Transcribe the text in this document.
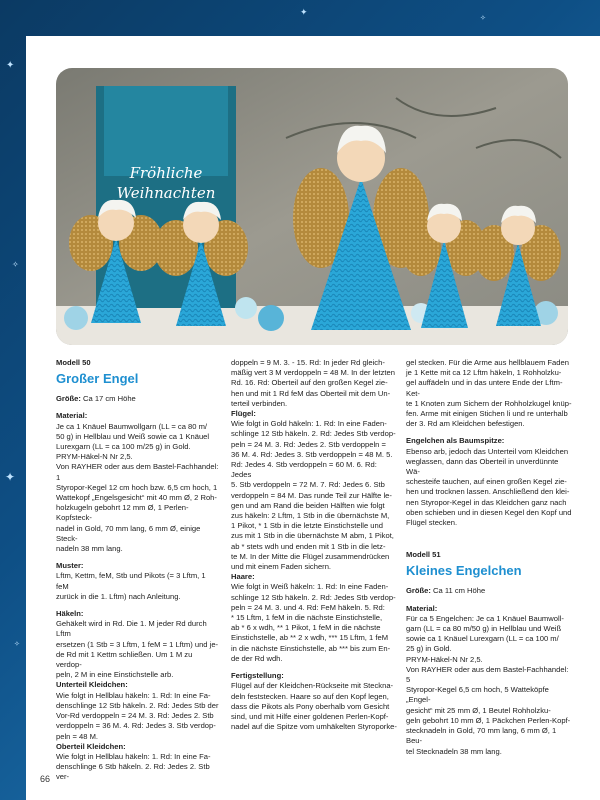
✦
✧
✦
✧
✦	✧
Fröhliche
Weihnachten

Modell 50

Großer Engel

Größe: Ca 17 cm Höhe

Material:

Je ca 1 Knäuel Baumwollgarn (LL = ca 80 m/

50 g) in Hellblau und Weiß sowie ca 1 Knäuel

Lurexgarn (LL = ca 100 m/25 g) in Gold.

PRYM-Häkel-N Nr 2,5.

Von RAYHER oder aus dem Bastel-Fachhandel: 1

Styropor-Kegel 12 cm hoch bzw. 6,5 cm hoch, 1

Wattekopf „Engelsgesicht“ mit 40 mm Ø, 2 Roh-

holzkugeln gebohrt 12 mm Ø, 1 Perlen-Kopfsteck-

nadel in Gold, 70 mm lang, 6 mm Ø, einige Steck-

nadeln 38 mm lang.

Muster:

Lftm, Kettm, feM, Stb und Pikots (= 3 Lftm, 1 feM

zurück in die 1. Lftm) nach Anleitung.

Häkeln:

Gehäkelt wird in Rd. Die 1. M jeder Rd durch Lftm

ersetzen (1 Stb = 3 Lftm, 1 feM = 1 Lftm) und je-

de Rd mit 1 Kettm schließen. Um 1 M zu verdop-

peln, 2 M in eine Einstichstelle arb.

Unterteil Kleidchen:

Wie folgt in Hellblau häkeln: 1. Rd: In eine Fa-

denschlinge 12 Stb häkeln. 2. Rd: Jedes Stb der

Vor-Rd verdoppeln = 24 M. 3. Rd: Jedes 2. Stb

verdoppeln = 36 M. 4. Rd: Jedes 3. Stb verdop-

peln = 48 M.

Oberteil Kleidchen:

Wie folgt in Hellblau häkeln: 1. Rd: In eine Fa-

denschlinge 6 Stb häkeln. 2. Rd: Jedes 2. Stb ver-

doppeln = 9 M. 3. - 15. Rd: In jeder Rd gleich-

mäßig vert 3 M verdoppeln = 48 M. In der letzten

Rd. 16. Rd: Oberteil auf den großen Kegel zie-

hen und mit 1 Rd feM das Oberteil mit dem Un-

terteil verbinden.

Flügel:

Wie folgt in Gold häkeln: 1. Rd: In eine Faden-

schlinge 12 Stb häkeln. 2. Rd: Jedes Stb verdop-

peln = 24 M. 3. Rd: Jedes 2. Stb verdoppeln =

36 M. 4. Rd: Jedes 3. Stb verdoppeln = 48 M. 5.

Rd: Jedes 4. Stb verdoppeln = 60 M. 6. Rd: Jedes

5. Stb verdoppeln = 72 M. 7. Rd: Jedes 6. Stb

verdoppeln = 84 M. Das runde Teil zur Hälfte le-

gen und am Rand die beiden Hälften wie folgt

zus häkeln: 2 Lftm, 1 Stb in die übernächste M,

1 Pikot, * 1 Stb in die letzte Einstichstelle und

zus mit 1 Stb in die übernächste M abm, 1 Pikot,

ab * stets wdh und enden mit 1 Stb in die letz-

te M. In der Mitte die Flügel zusammendrücken

und mit einem Faden sichern.

Haare:

Wie folgt in Weiß häkeln: 1. Rd: In eine Faden-

schlinge 12 Stb häkeln. 2. Rd: Jedes Stb verdop-

peln = 24 M. 3. und 4. Rd: FeM häkeln. 5. Rd:

* 15 Lftm, 1 feM in die nächste Einstichstelle,

ab * 6 x wdh, ** 1 Pikot, 1 feM in die nächste

Einstichstelle, ab ** 2 x wdh, *** 15 Lftm, 1 feM

in die nächste Einstichstelle, ab *** bis zum En-

de der Rd wdh.

Fertigstellung:

Flügel auf der Kleidchen-Rückseite mit Steckna-

deln feststecken. Haare so auf den Kopf legen,

dass die Pikots als Pony oberhalb vom Gesicht

sind, und mit Hilfe einer goldenen Perlen-Kopf-

nadel auf die Spitze vom umhäkelten Styroporke-

gel stecken. Für die Arme aus hellblauem Faden

je 1 Kette mit ca 12 Lftm häkeln, 1 Rohholzku-

gel auffädeln und in das untere Ende der Lftm-Ket-

te 1 Knoten zum Sichern der Rohholzkugel knüp-

fen. Arme mit einigen Stichen li und re unterhalb

der 3. Rd am Kleidchen befestigen.

Engelchen als Baumspitze:

Ebenso arb, jedoch das Unterteil vom Kleidchen

weglassen, dann das Oberteil in unverdünnte Wä-

schesteife tauchen, auf einen großen Kegel zie-

hen und trocknen lassen. Anschließend den klei-

nen Styropor-Kegel in das Kleidchen ganz nach

oben schieben und in diesen Kegel den Kopf und

Flügel stecken.

Modell 51

Kleines Engelchen

Größe: Ca 11 cm Höhe

Material:

Für ca 5 Engelchen: Je ca 1 Knäuel Baumwoll-

garn (LL = ca 80 m/50 g) in Hellblau und Weiß

sowie ca 1 Knäuel Lurexgarn (LL = ca 100 m/

25 g) in Gold.

PRYM-Häkel-N Nr 2,5.

Von RAYHER oder aus dem Bastel-Fachhandel: 5

Styropor-Kegel 6,5 cm hoch, 5 Watteköpfe „Engel-

gesicht“ mit 25 mm Ø, 1 Beutel Rohholzku-

geln gebohrt 10 mm Ø, 1 Päckchen Perlen-Kopf-

stecknadeln in Gold, 70 mm lang, 6 mm Ø, 1 Beu-

tel Stecknadeln 38 mm lang.

66
PassionForum.ru
